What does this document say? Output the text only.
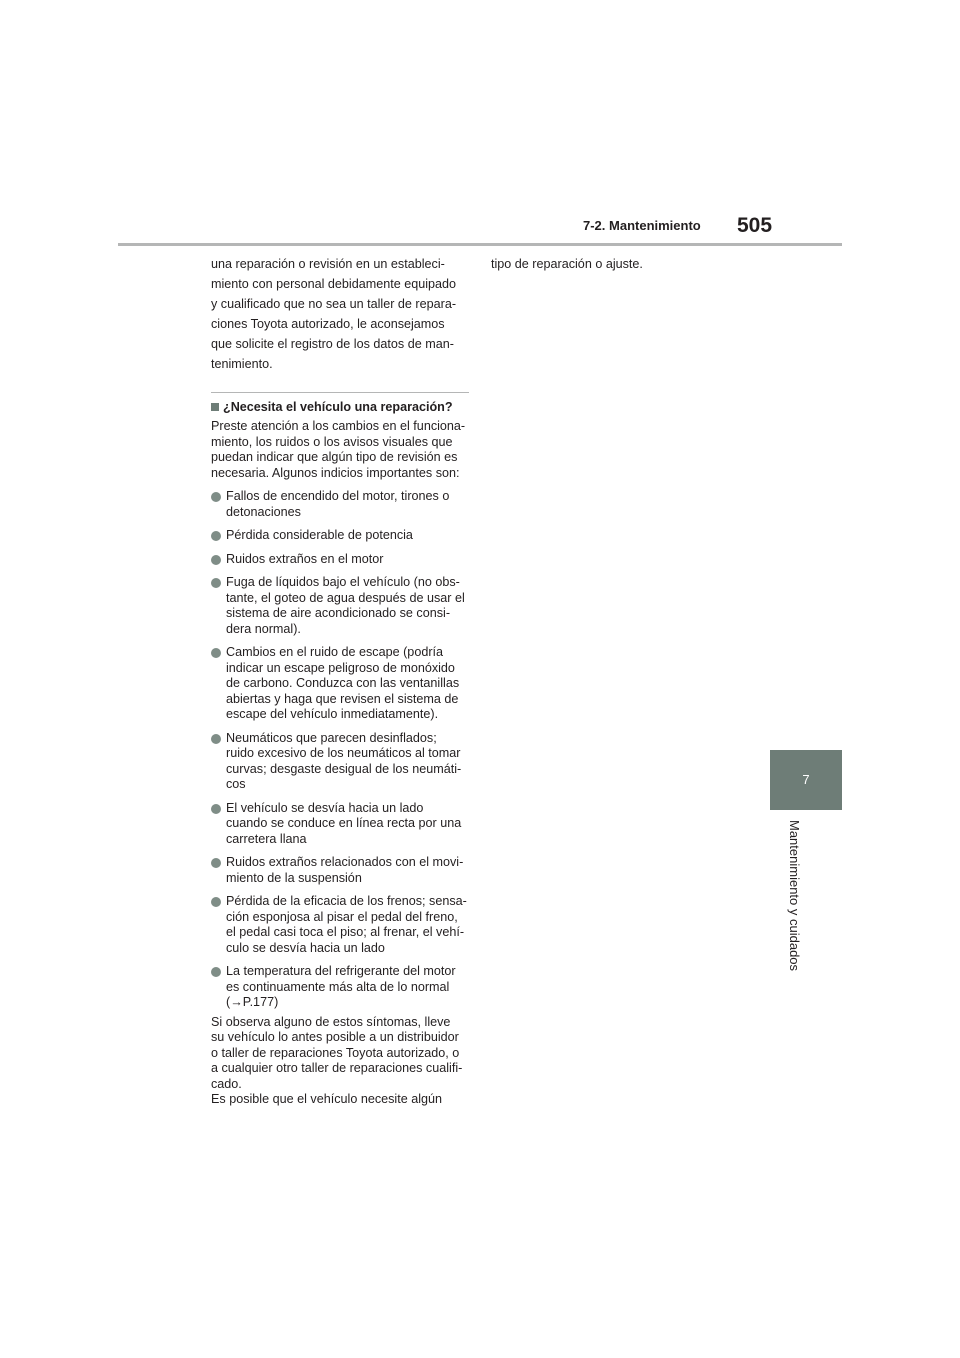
7-2. Mantenimiento 505
7
Mantenimiento y cuidados
una reparación o revisión en un estableci-
miento con personal debidamente equipado
y cualificado que no sea un taller de repara-
ciones Toyota autorizado, le aconsejamos
que solicite el registro de los datos de man-
tenimiento.
¿Necesita el vehículo una reparación?
Preste atención a los cambios en el funciona-
miento, los ruidos o los avisos visuales que
puedan indicar que algún tipo de revisión es
necesaria. Algunos indicios importantes son:
Fallos de encendido del motor, tirones o
detonaciones
Pérdida considerable de potencia
Ruidos extraños en el motor
Fuga de líquidos bajo el vehículo (no obs-
tante, el goteo de agua después de usar el
sistema de aire acondicionado se consi-
dera normal).
Cambios en el ruido de escape (podría
indicar un escape peligroso de monóxido
de carbono. Conduzca con las ventanillas
abiertas y haga que revisen el sistema de
escape del vehículo inmediatamente).
Neumáticos que parecen desinflados;
ruido excesivo de los neumáticos al tomar
curvas; desgaste desigual de los neumáti-
cos
El vehículo se desvía hacia un lado
cuando se conduce en línea recta por una
carretera llana
Ruidos extraños relacionados con el movi-
miento de la suspensión
Pérdida de la eficacia de los frenos; sensa-
ción esponjosa al pisar el pedal del freno,
el pedal casi toca el piso; al frenar, el vehí-
culo se desvía hacia un lado
La temperatura del refrigerante del motor
es continuamente más alta de lo normal
(→P.177)
Si observa alguno de estos síntomas, lleve
su vehículo lo antes posible a un distribuidor
o taller de reparaciones Toyota autorizado, o
a cualquier otro taller de reparaciones cualifi-
cado.
Es posible que el vehículo necesite algún
tipo de reparación o ajuste.
